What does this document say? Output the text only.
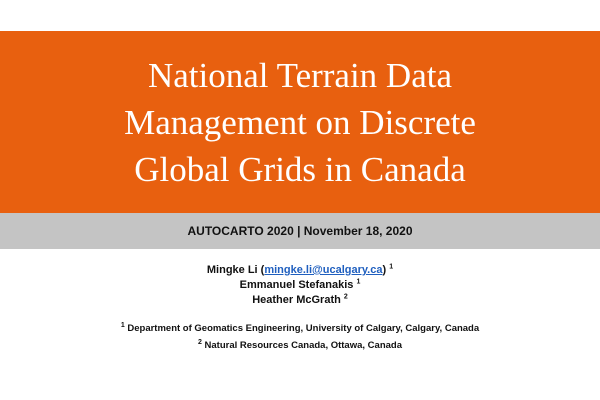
National Terrain Data
Management on Discrete
Global Grids in Canada
AUTOCARTO 2020 | November 18, 2020
Mingke Li (mingke.li@ucalgary.ca) $^1$
Emmanuel Stefanakis $^1$
Heather McGrath $^2$
$^1$ Department of Geomatics Engineering, University of Calgary, Calgary, Canada
$^2$ Natural Resources Canada, Ottawa, Canada
